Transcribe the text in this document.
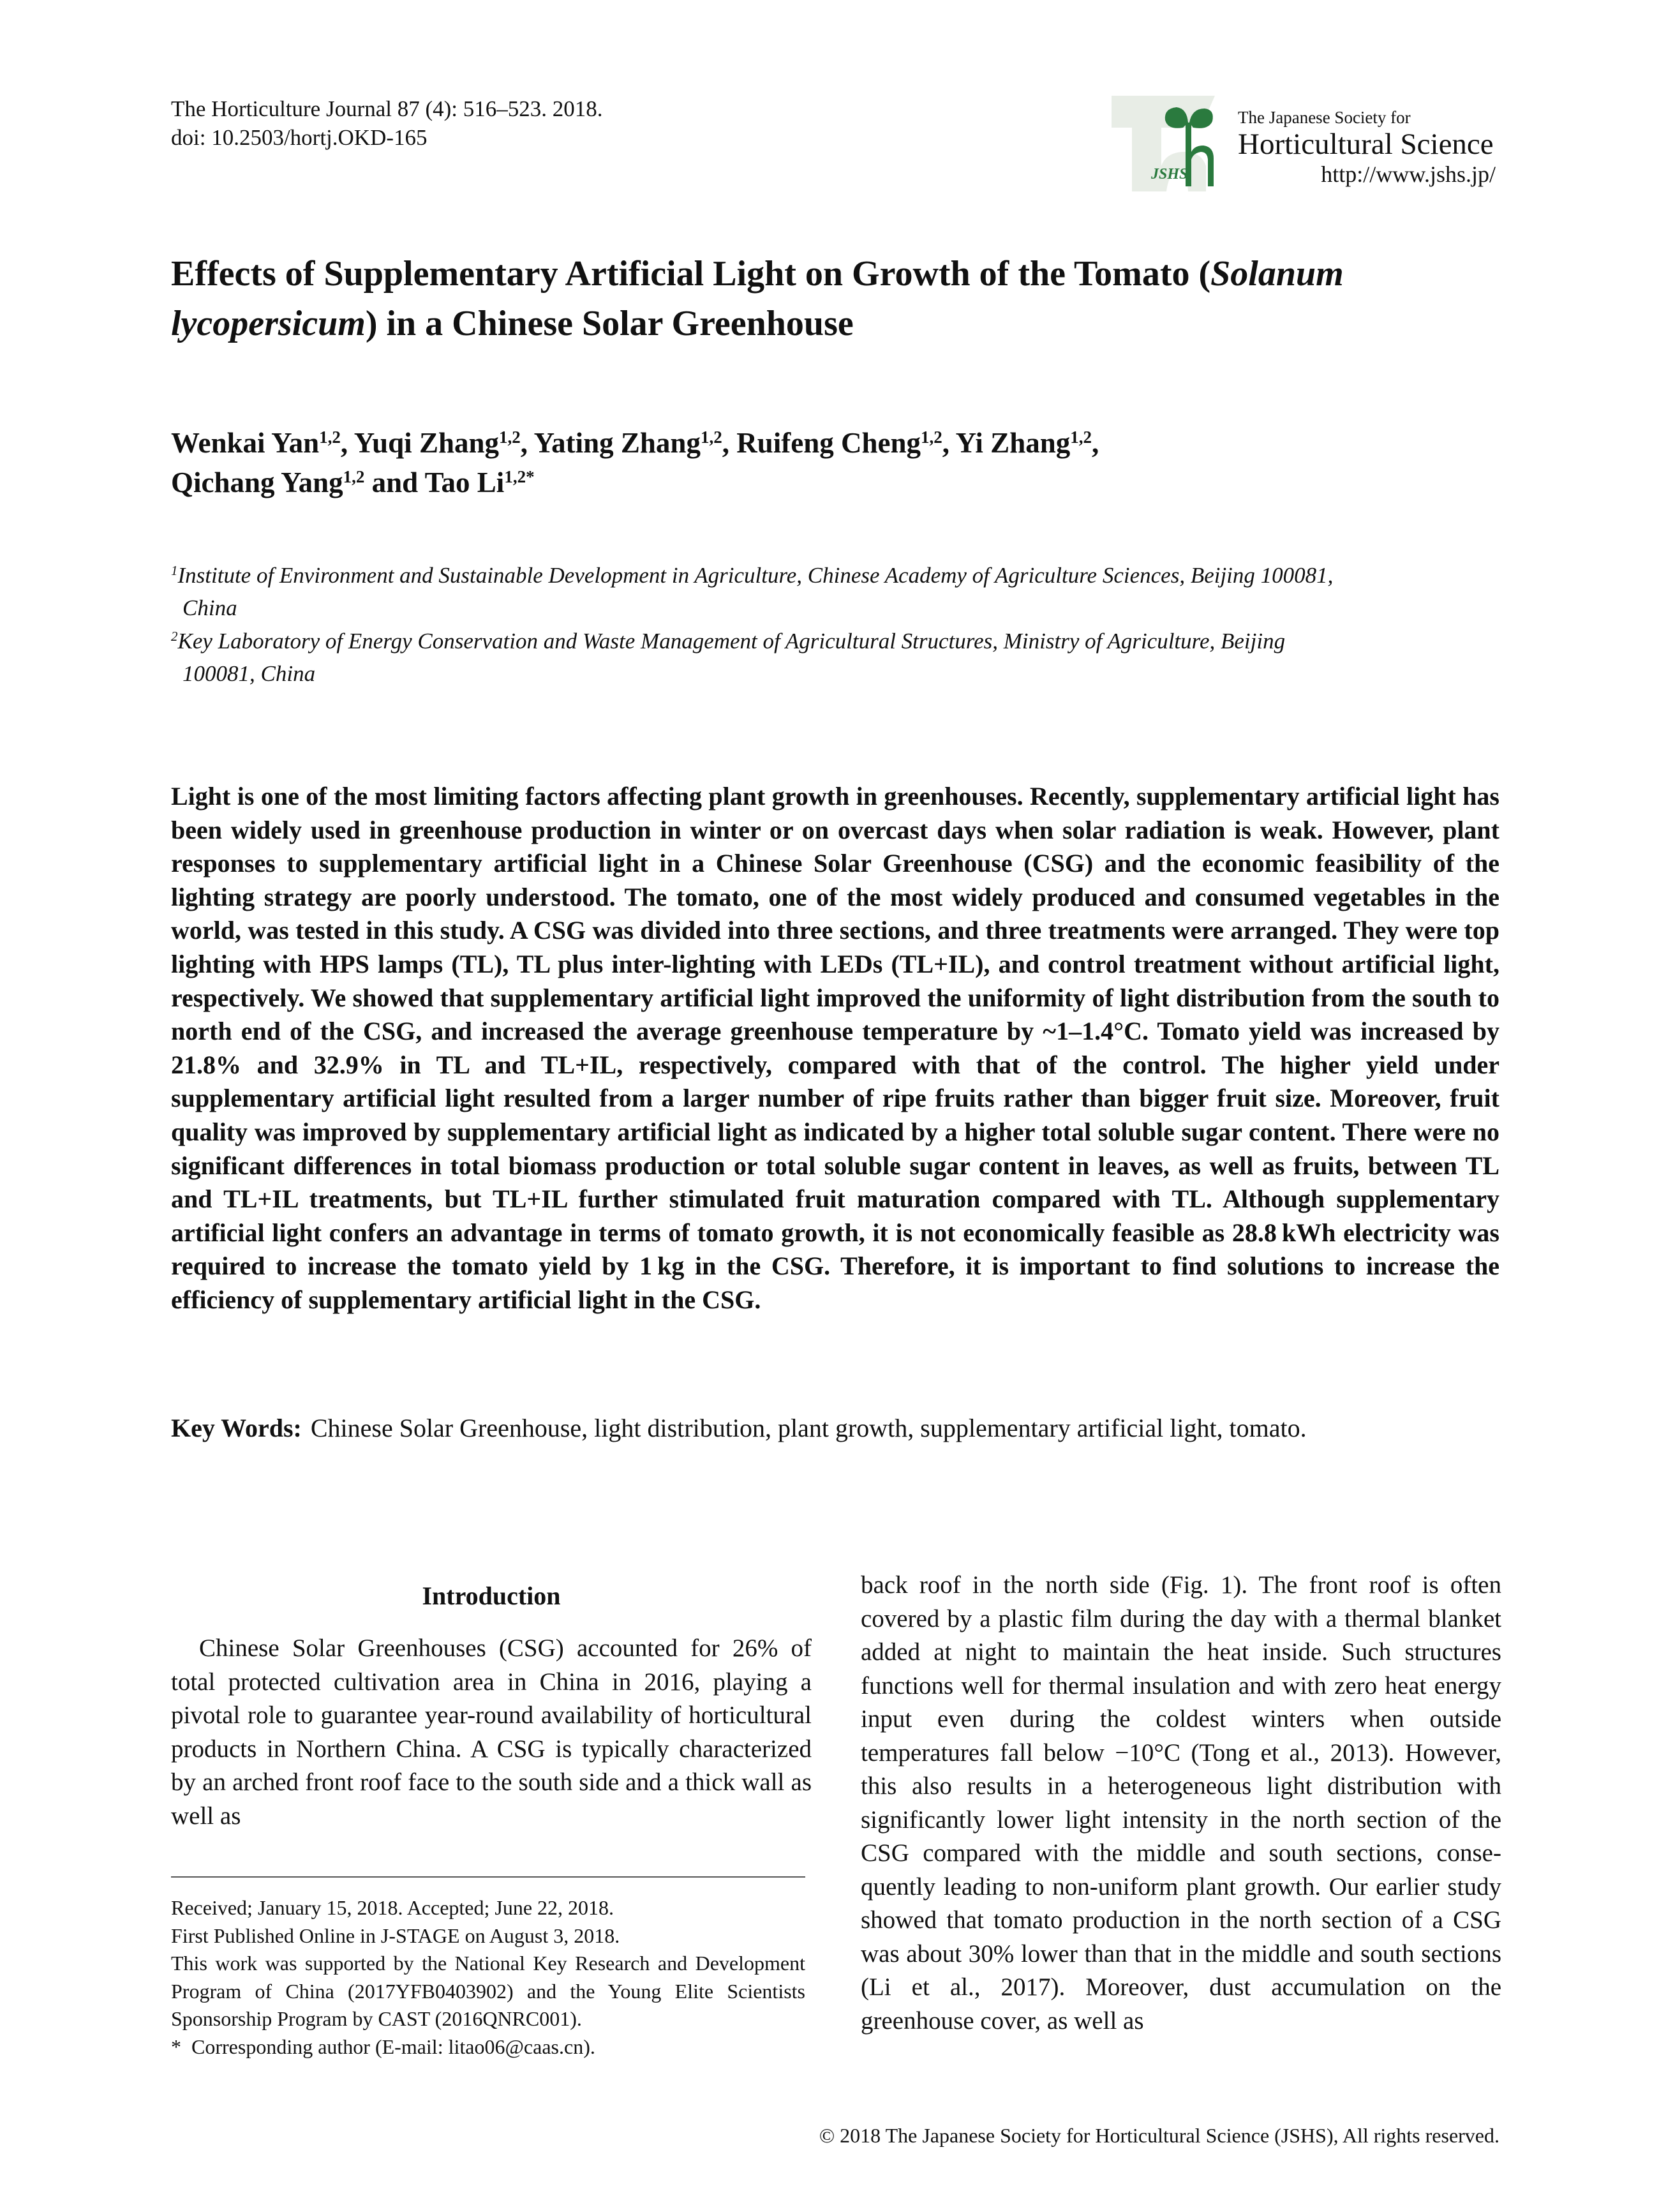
The Horticulture Journal 87 (4): 516–523. 2018.
doi: 10.2503/hortj.OKD-165
JSHS
The Japanese Society for
Horticultural Science
http://www.jshs.jp/
Effects of Supplementary Artificial Light on Growth of the Tomato (Solanum lycopersicum) in a Chinese Solar Greenhouse
Wenkai Yan$^{1,2}$, Yuqi Zhang$^{1,2}$, Yating Zhang$^{1,2}$, Ruifeng Cheng$^{1,2}$, Yi Zhang$^{1,2}$,
Qichang Yang$^{1,2}$ and Tao $Li^{1,2*}$
$^1$Institute of Environment and Sustainable Development in Agriculture, Chinese Academy of Agriculture Sciences, Beijing 100081,
China
$^2$Key Laboratory of Energy Conservation and Waste Management of Agricultural Structures, Ministry of Agriculture, Beijing
100081, China

Light is one of the most limiting factors affecting plant growth in greenhouses. Recently, supplementary artificial light has been widely used in greenhouse production in winter or on overcast days when solar radiation is weak. However, plant responses to supplementary artificial light in a Chinese Solar Greenhouse (CSG) and the economic feasibility of the lighting strategy are poorly understood. The tomato, one of the most widely produced and consumed vegetables in the world, was tested in this study. A CSG was divided into three sections, and three treatments were arranged. They were top lighting with HPS lamps (TL), TL plus inter-lighting with LEDs (TL+IL), and control treatment without artificial light, respectively. We showed that supplementary artificial light improved the uniformity of light distribution from the south to north end of the CSG, and increased the average greenhouse temperature by ~1–1.4°C. Tomato yield was increased by 21.8% and 32.9% in TL and TL+IL, respectively, compared with that of the control. The higher yield under supplementary artificial light resulted from a larger number of ripe fruits rather than bigger fruit size. Moreover, fruit quality was improved by supplementary artificial light as indicated by a higher total soluble sugar content. There were no significant differences in total biomass production or total soluble sugar content in leaves, as well as fruits, between TL and TL+IL treatments, but TL+IL further stimulated fruit maturation compared with TL. Although supplementary artificial light confers an advantage in terms of tomato growth, it is not economically feasible as 28.8 kWh electricity was required to increase the tomato yield by 1 kg in the CSG. Therefore, it is important to find solutions to increase the efficiency of supplementary artificial light in the CSG.

Key Words: Chinese Solar Greenhouse, light distribution, plant growth, supplementary artificial light, tomato.
Introduction

Chinese Solar Greenhouses (CSG) accounted for 26% of total protected cultivation area in China in 2016, playing a pivotal role to guarantee year-round availability of horticultural products in Northern China. A CSG is typically characterized by an arched front roof face to the south side and a thick wall as well as

Received; January 15, 2018. Accepted; June 22, 2018.
First Published Online in J-STAGE on August 3, 2018.
This work was supported by the National Key Research and Development Program of China (2017YFB0403902) and the Young Elite Scientists Sponsorship Program by CAST (2016QNRC001).
* Corresponding author (E-mail: litao06@caas.cn).

back roof in the north side (Fig. 1). The front roof is often covered by a plastic film during the day with a thermal blanket added at night to maintain the heat inside. Such structures functions well for thermal insulation and with zero heat energy input even during the coldest winters when outside temperatures fall below −10°C (Tong et al., 2013). However, this also results in a heterogeneous light distribution with significantly lower light intensity in the north section of the CSG compared with the middle and south sections, consequently leading to non-uniform plant growth. Our earlier study showed that tomato production in the north section of a CSG was about 30% lower than that in the middle and south sections (Li et al., 2017). Moreover, dust accumulation on the greenhouse cover, as well as

© 2018 The Japanese Society for Horticultural Science (JSHS), All rights reserved.
